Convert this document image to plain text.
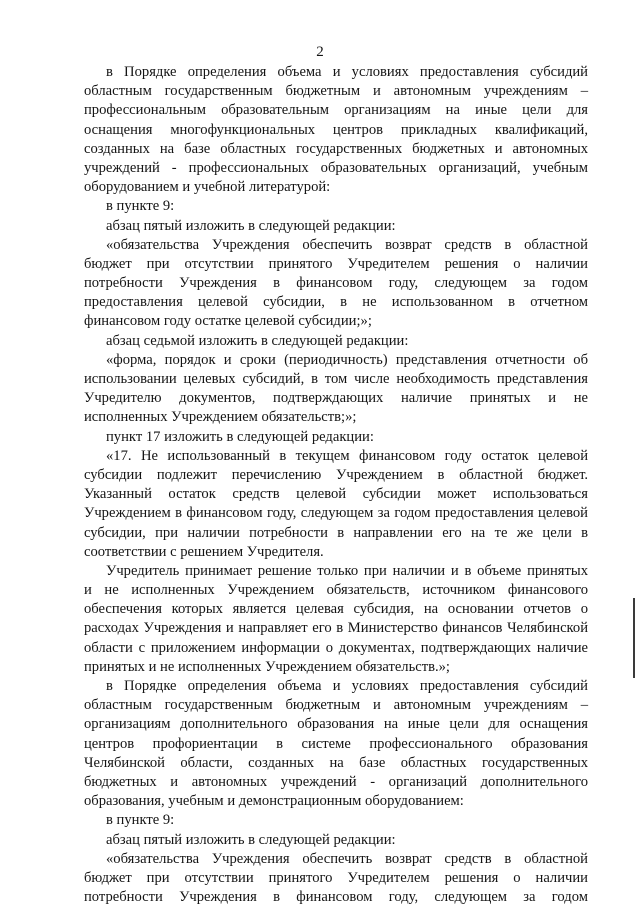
2
в Порядке определения объема и условиях предоставления субсидий
областным государственным бюджетным и автономным учреждениям –
профессиональным образовательным организациям на иные цели для
оснащения многофункциональных центров прикладных квалификаций,
созданных на базе областных государственных бюджетных и автономных
учреждений - профессиональных образовательных организаций, учебным
оборудованием и учебной литературой:
в пункте 9:
абзац пятый изложить в следующей редакции:
«обязательства Учреждения обеспечить возврат средств в областной
бюджет при отсутствии принятого Учредителем решения о наличии
потребности Учреждения в финансовом году, следующем за годом
предоставления целевой субсидии, в не использованном в отчетном
финансовом году остатке целевой субсидии;»;
абзац седьмой изложить в следующей редакции:
«форма, порядок и сроки (периодичность) представления отчетности об
использовании целевых субсидий, в том числе необходимость представления
Учредителю документов, подтверждающих наличие принятых и не
исполненных Учреждением обязательств;»;
пункт 17 изложить в следующей редакции:
«17. Не использованный в текущем финансовом году остаток целевой
субсидии подлежит перечислению Учреждением в областной бюджет.
Указанный остаток средств целевой субсидии может использоваться
Учреждением в финансовом году, следующем за годом предоставления целевой
субсидии, при наличии потребности в направлении его на те же цели в
соответствии с решением Учредителя.
Учредитель принимает решение только при наличии и в объеме принятых
и не исполненных Учреждением обязательств, источником финансового
обеспечения которых является целевая субсидия, на основании отчетов о
расходах Учреждения и направляет его в Министерство финансов Челябинской
области с приложением информации о документах, подтверждающих наличие
принятых и не исполненных Учреждением обязательств.»;
в Порядке определения объема и условиях предоставления субсидий
областным государственным бюджетным и автономным учреждениям –
организациям дополнительного образования на иные цели для оснащения
центров профориентации в системе профессионального образования
Челябинской области, созданных на базе областных государственных
бюджетных и автономных учреждений - организаций дополнительного
образования, учебным и демонстрационным оборудованием:
в пункте 9:
абзац пятый изложить в следующей редакции:
«обязательства Учреждения обеспечить возврат средств в областной
бюджет при отсутствии принятого Учредителем решения о наличии
потребности Учреждения в финансовом году, следующем за годом
